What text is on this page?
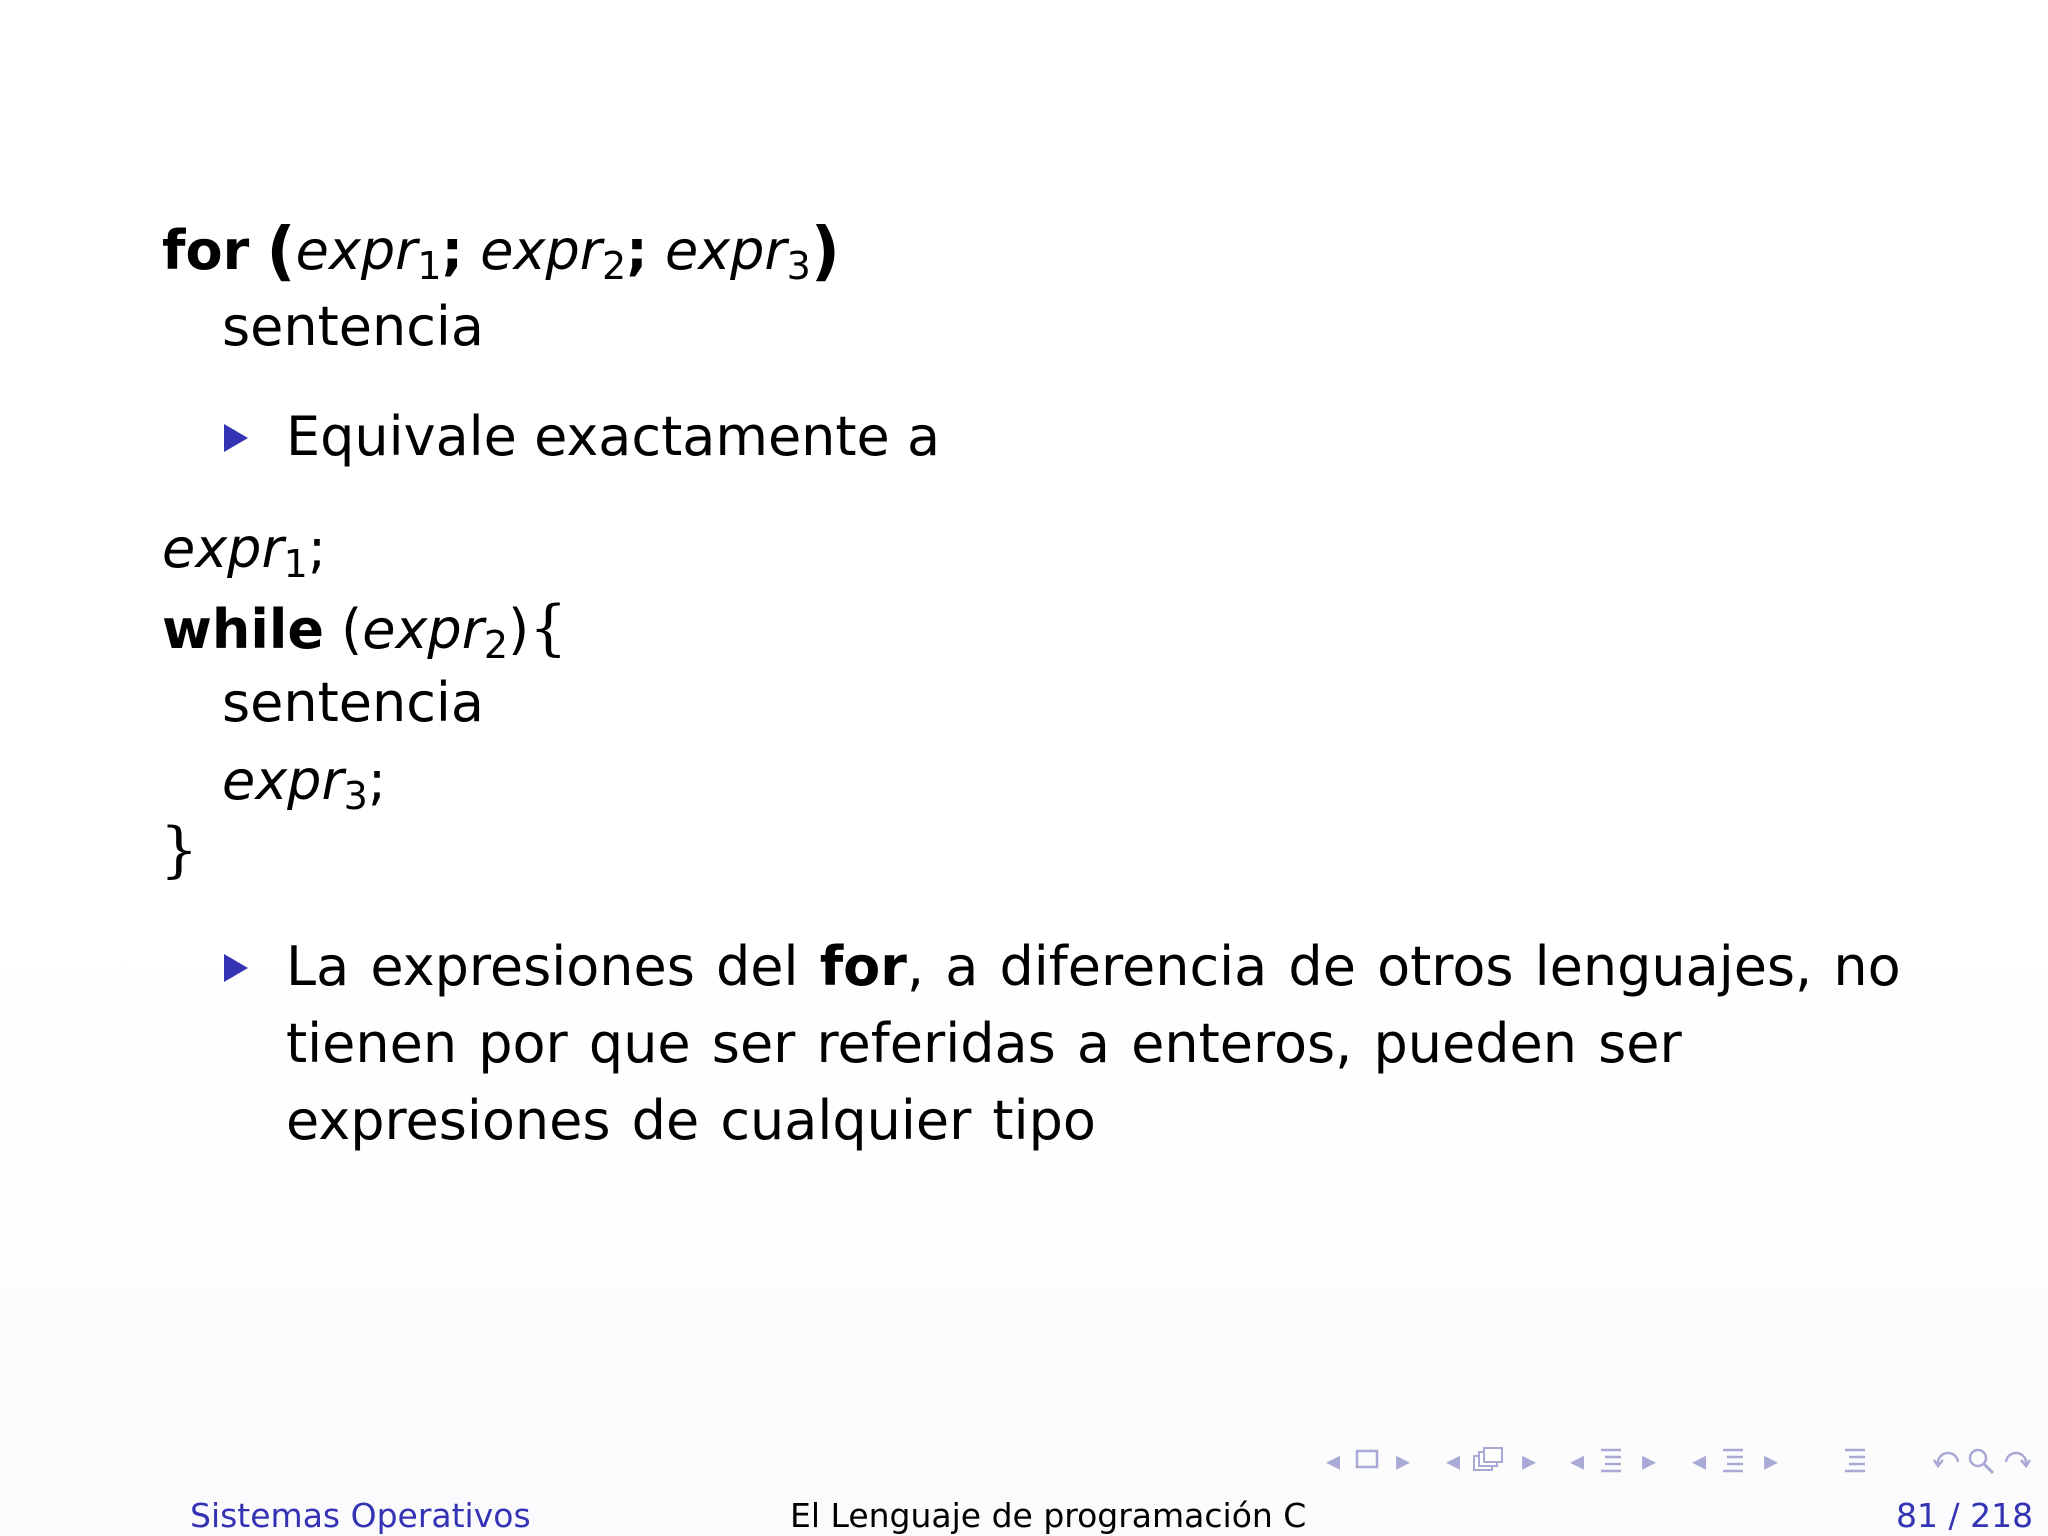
for (expr$_1$; expr$_2$; expr$_3$)
sentencia
Equivale exactamente a
expr$_1$;
while (expr$_2$){
sentencia
expr$_3$;
}
La expresiones del for, a diferencia de otros lenguajes, no tienen por que ser referidas a enteros, pueden ser expresiones de cualquier tipo
◂ ▸ ◂ ▸ ◂ ▸ ◂ ▸
Sistemas Operativos	El Lenguaje de programación C	81 / 218
